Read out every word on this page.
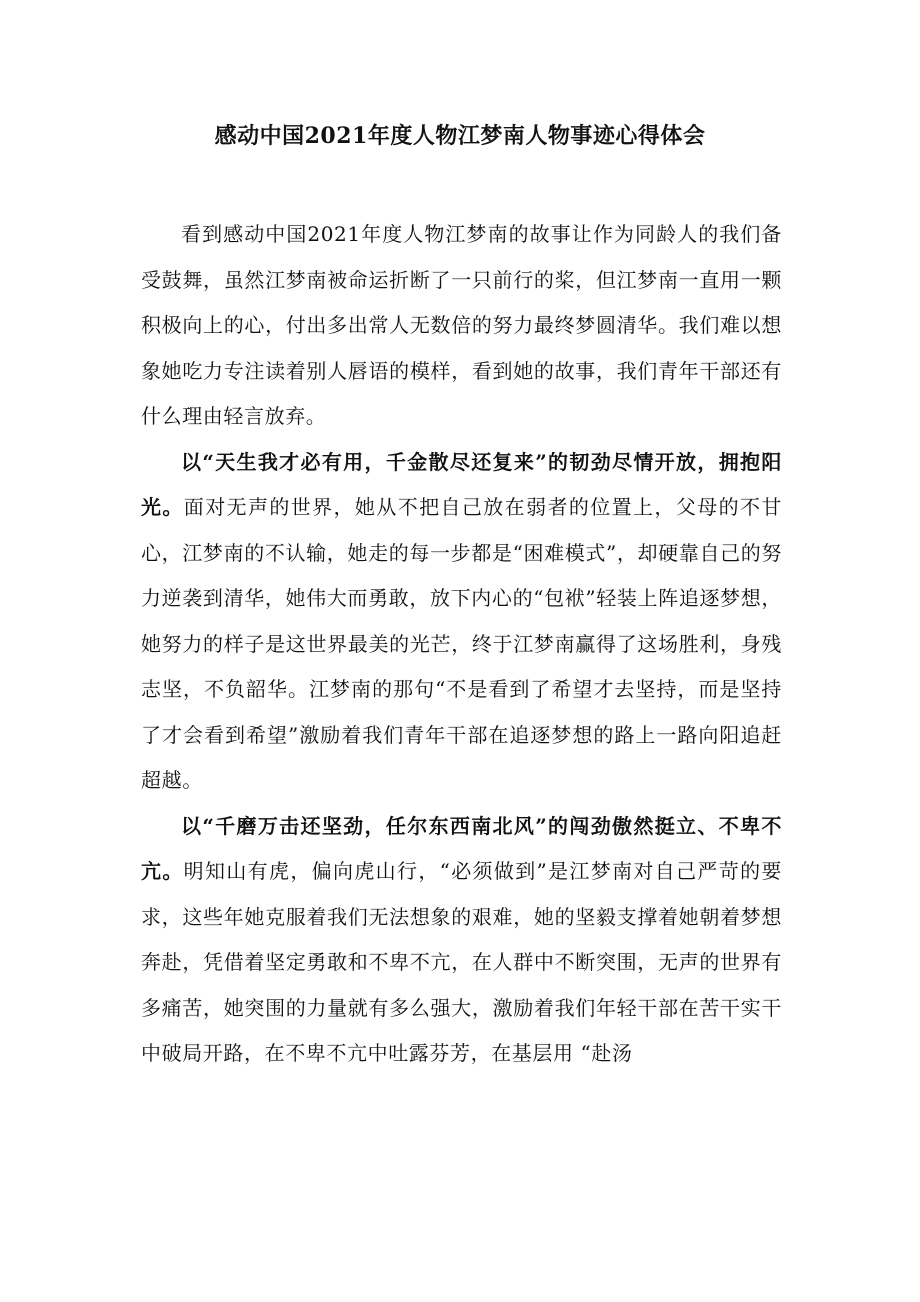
感动中国2021年度人物江梦南人物事迹心得体会

看到感动中国2021年度人物江梦南的故事让作为同龄人的我们备受鼓舞，虽然江梦南被命运折断了一只前行的桨，但江梦南一直用一颗积极向上的心，付出多出常人无数倍的努力最终梦圆清华。我们难以想象她吃力专注读着别人唇语的模样，看到她的故事，我们青年干部还有什么理由轻言放弃。

以“天生我才必有用，千金散尽还复来”的韧劲尽情开放，拥抱阳光。面对无声的世界，她从不把自己放在弱者的位置上，父母的不甘心，江梦南的不认输，她走的每一步都是“困难模式”，却硬靠自己的努力逆袭到清华，她伟大而勇敢，放下内心的“包袱”轻装上阵追逐梦想，她努力的样子是这世界最美的光芒，终于江梦南赢得了这场胜利，身残志坚，不负韶华。江梦南的那句“不是看到了希望才去坚持，而是坚持了才会看到希望”激励着我们青年干部在追逐梦想的路上一路向阳追赶超越。

以“千磨万击还坚劲，任尔东西南北风”的闯劲傲然挺立、不卑不亢。明知山有虎，偏向虎山行，“必须做到”是江梦南对自己严苛的要求，这些年她克服着我们无法想象的艰难，她的坚毅支撑着她朝着梦想奔赴，凭借着坚定勇敢和不卑不亢，在人群中不断突围，无声的世界有多痛苦，她突围的力量就有多么强大，激励着我们年轻干部在苦干实干中破局开路，在不卑不亢中吐露芬芳，在基层用 “赴汤
